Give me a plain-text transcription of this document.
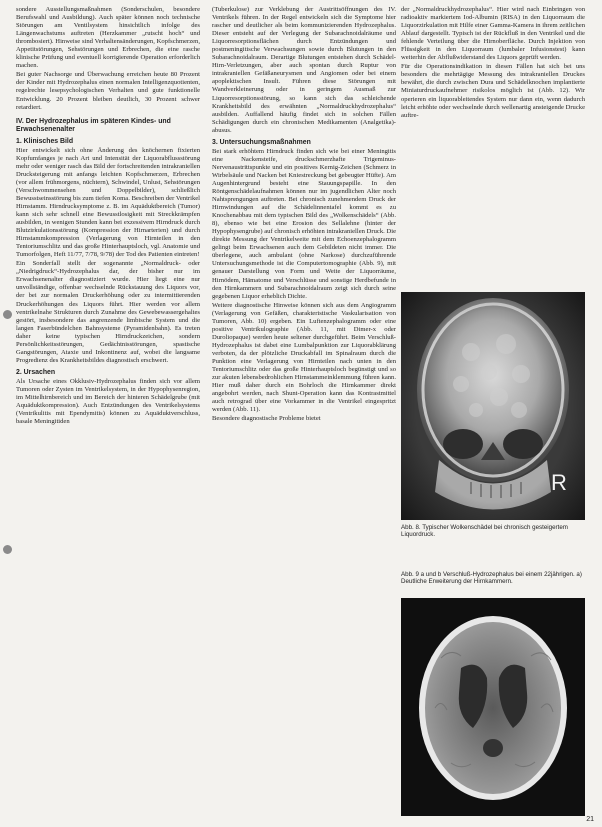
sondere Ausstellungsmaßnahmen (Sonderschulen, besondere Berufswahl und Ausbildung). Auch später können noch technische Störungen am Ventilsystem hinsichtlich infolge des Längenwachstums auftreten (Herzkammer „rutscht hoch“ und thrombosiert). Hinweise sind Verhaltensänderungen, Kopfschmerzen, Appetitstörungen, Sehstörungen und Erbrechen, die eine rasche klinische Prüfung und eventuell korrigierende Operation erforderlich machen.

Bei guter Nachsorge und Überwachung erreichen heute 80 Prozent der Kinder mit Hydrozephalus einen normalen Intelligenzquotienten, regelrechte lesepsychologischen Verhalten und gute funktionelle Entwicklung. 20 Prozent bleiben deutlich, 30 Prozent schwer retardiert.

IV. Der Hydrozephalus im späteren Kindes- und Erwachsenenalter
1. Klinisches Bild

Hier entwickelt sich ohne Änderung des knöchernen fixierten Kopfumfanges je nach Art und Intensität der Liquorabflussstörung mehr oder weniger rasch das Bild der fortschreitenden intrakraniellen Drucksteigerung mit anfangs leichten Kopfschmerzen, Erbrechen (vor allem frühmorgens, nüchtern), Schwindel, Unlust, Sehstörungen (Verschwommensehen und Doppelbilder), schließlich Bewusstseinsstörung bis zum tiefen Koma. Beschreiben der Ventrikel Hirnstamm. Hirndrucksymptome z. B. im Aquäduktbereich (Tumor) kann sich sehr schnell eine Bewusstlosigkeit mit Streckkrämpfen ausbilden, in wenigen Stunden kann bei exzessivem Hirndruck durch Blutzirkulationsstörung (Kompression der Hirnarterien) und durch Hirnstammkompression (Verlagerung von Hirnteilen in den Tentoriumschlitz und das große Hinterhauptsloch, vgl. Anatomie und Tumorfolgen, Heft 11/77, 7/78, 9/78) der Tod des Patienten eintreten!

Ein Sonderfall stellt der sogenannte „Normaldruck- oder „Niedrigdruck“-Hydrozephalus dar, der bisher nur im Erwachsenenalter diagnostiziert wurde. Hier liegt eine nur unvollständige, offenbar wechselnde Rückstauung des Liquors vor, der bei zur normalen Druckerhöhung oder zu intermittierenden Druckerhöhungen des Liquors führt. Hier werden vor allem ventrikelnahe Strukturen durch Zunahme des Gewebewassergehaltes gestört, insbesondere das angrenzende limbische System und die langen Faserbündelchen Bahnsysteme (Pyramidenbahn). Es treten daher keine typischen Hirndruckzeichen, sondern Persönlichkeitsstörungen, Gedächtnisstörungen, spastische Gangstörungen, Ataxie und Inkontinenz auf, wobei die langsame Progredienz des Krankheitsbildes diagnostisch erschwert.

2. Ursachen

Als Ursache eines Okklusiv-Hydrozephalus finden sich vor allem Tumoren oder Zysten im Ventrikelsystem, in der Hypophysenregion, im Mittelhirnbereich und im Bereich der hinteren Schädelgrube (mit Aquäduktkompression). Auch Entzündungen des Ventrikelsystems (Ventrikulitis mit Ependymitis) können zu Aquäduktverschluss, basale Meningitiden

(Tuberkulose) zur Verklebung der Austrittsöffnungen des IV. Ventrikels führen. In der Regel entwickeln sich die Symptome hier rascher und deutlicher als beim kommunizierenden Hydrozephalus. Dieser entsteht auf der Verlegung der Subarachnoidalräume und Liquorresorptionsflächen durch Entzündungen und postmeningitische Verwachsungen sowie durch Blutungen in den Subarachnoidalraum. Derartige Blutungen entstehen durch Schädel-Hirn-Verletzungen, aber auch spontan durch Ruptur von intrakraniellen Gefäßaneurysmen und Angiomen oder bei einem apoplektischen Insult. Führen diese Störungen mit Wandverkleinerung oder in geringem Ausmaß zur Liquorresorptionsstörung, so kann sich das schleichende Krankheitsbild des erwähnten „Normaldruckhydrozephalus“ ausbilden. Auffallend häufig findet sich in solchen Fällen Schädigungen durch ein chronischen Medikamenten (Analgetika)-abusus.

3. Untersuchungsmaßnahmen

Bei stark erhöhtem Hirndruck finden sich wie bei einer Meningitis eine Nackensteife, druckschmerzhafte Trigeminus-Nervenaustrittspunkte und ein positives Kernig-Zeichen (Schmerz in Wirbelsäule und Nacken bei Kniestreckung bei gebeugter Hüfte). Am Augenhintergrund besteht eine Stauungspapille. In den Röntgenschädelaufnahmen können nur im jugendlichen Alter noch Nahtsprengungen auftreten. Bei chronisch zunehmendem Druck der Hirnwindungen auf die Schädelinnentafel kommt es zu Knochenabbau mit dem typischen Bild des „Wolkenschädels“ (Abb. 8), ebenso wie bei eine Erosion des Sellalehne (hinter der Hypophysengrube) auf chronisch erhöhten intrakraniellen Druck. Die direkte Messung der Ventrikelweite mit dem Echoenzephalogramm gelingt beim Erwachsenen auch dem Gebildeten nicht immer. Die überlegene, auch ambulant (ohne Narkose) durchzuführende Untersuchungsmethode ist die Computertomographie (Abb. 9), mit genauer Darstellung von Form und Weite der Liquorräume, Hirnödem, Hämatome und Verschlüsse und sonstige Herdbefunde in den Hirnkammern und Subarachnoidalraum zeigt sich durch seine gegebenen Liquor erheblich Dichte.

Weitere diagnostische Hinweise können sich aus dem Angiogramm (Verlagerung von Gefäßen, charakteristische Vaskularisation von Tumoren, Abb. 10) ergeben. Ein Luftenzephalogramm oder eine positive Ventrikulographie (Abb. 11, mit Dimer-x oder Duroliopaque) werden heute seltener durchgeführt. Beim Verschluß-Hydrozephalus ist dabei eine Lumbalpunktion zur Liquorabklärung verboten, da der plötzliche Druckabfall im Spinalraum durch die Punktion eine Verlagerung von Hirnteilen nach unten in den Tentoriumschlitz oder das große Hinterhauptsloch begünstigt und so zur akuten lebensbedrohlichen Hirnstammeinklemmung führen kann. Hier muß daher durch ein Bohrloch die Hirnkammer direkt angebohrt werden, nach Shunt-Operation kann das Kontrastmittel auch retrograd über eine Vorkammer in die Ventrikel eingespritzt werden (Abb. 11).

Besondere diagnostische Probleme bietet

der „Normaldruckhydrozephalus“. Hier wird nach Einbringen von radioaktiv markiertem Iod-Albumin (RISA) in den Liquorraum die Liquorzirkulation mit Hilfe einer Gamma-Kamera in ihrem zeitlichen Ablauf dargestellt. Typisch ist der Rückfluß in den Ventrikel und die fehlende Verteilung über die Hirnoberfläche. Durch Injektion von Flüssigkeit in den Liquorraum (lumbaler Infusionstest) kann weiterhin der Abflußwiderstand des Liquors geprüft werden.

Für die Operationsindikation in diesen Fällen hat sich bei uns besonders die mehrtägige Messung des intrakraniellen Druckes bewährt, die durch zwischen Dura und Schädelknochen implantierte Miniaturdruckaufnehmer risikolos möglich ist (Abb. 12). Wir operieren ein liquorableitendes System nur dann ein, wenn dadurch leicht erhöhte oder wechselnde durch wellenartig ansteigende Drucke auftre-

R
Abb. 8. Typischer Wolkenschädel bei chronisch gesteigertem Liquordruck.
Abb. 9 a und b Verschluß-Hydrozephalus bei einem 22jährigen. a) Deutliche Erweiterung der Hirnkammern.
21
